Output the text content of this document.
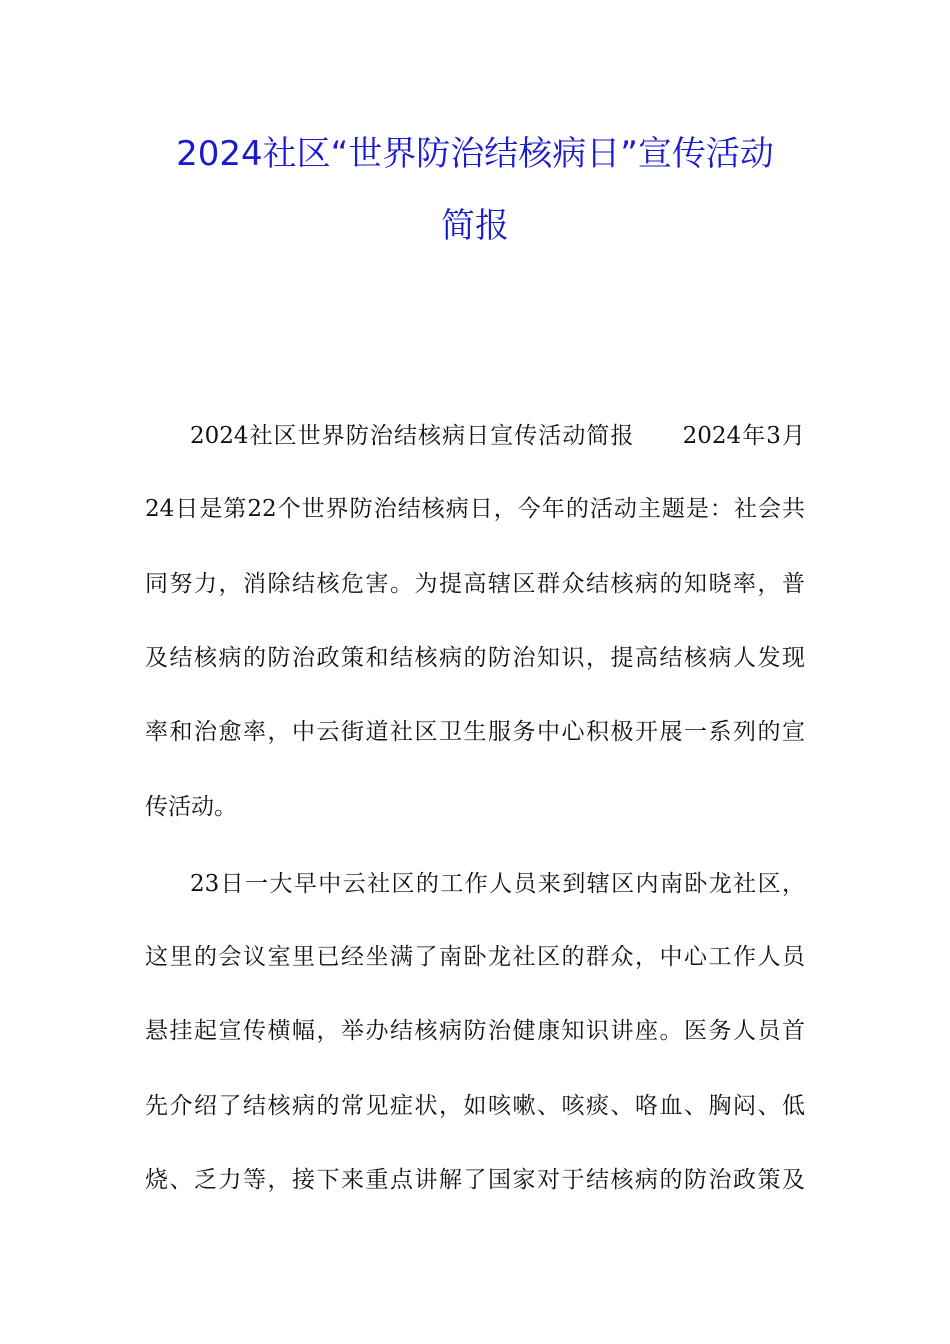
2024社区“世界防治结核病日”宣传活动
简报
2024社区世界防治结核病日宣传活动简报　　2024年3月
24日是第22个世界防治结核病日，今年的活动主题是：社会共
同努力，消除结核危害。为提高辖区群众结核病的知晓率，普
及结核病的防治政策和结核病的防治知识，提高结核病人发现
率和治愈率，中云街道社区卫生服务中心积极开展一系列的宣
传活动。
23日一大早中云社区的工作人员来到辖区内南卧龙社区，
这里的会议室里已经坐满了南卧龙社区的群众，中心工作人员
悬挂起宣传横幅，举办结核病防治健康知识讲座。医务人员首
先介绍了结核病的常见症状，如咳嗽、咳痰、咯血、胸闷、低
烧、乏力等，接下来重点讲解了国家对于结核病的防治政策及
